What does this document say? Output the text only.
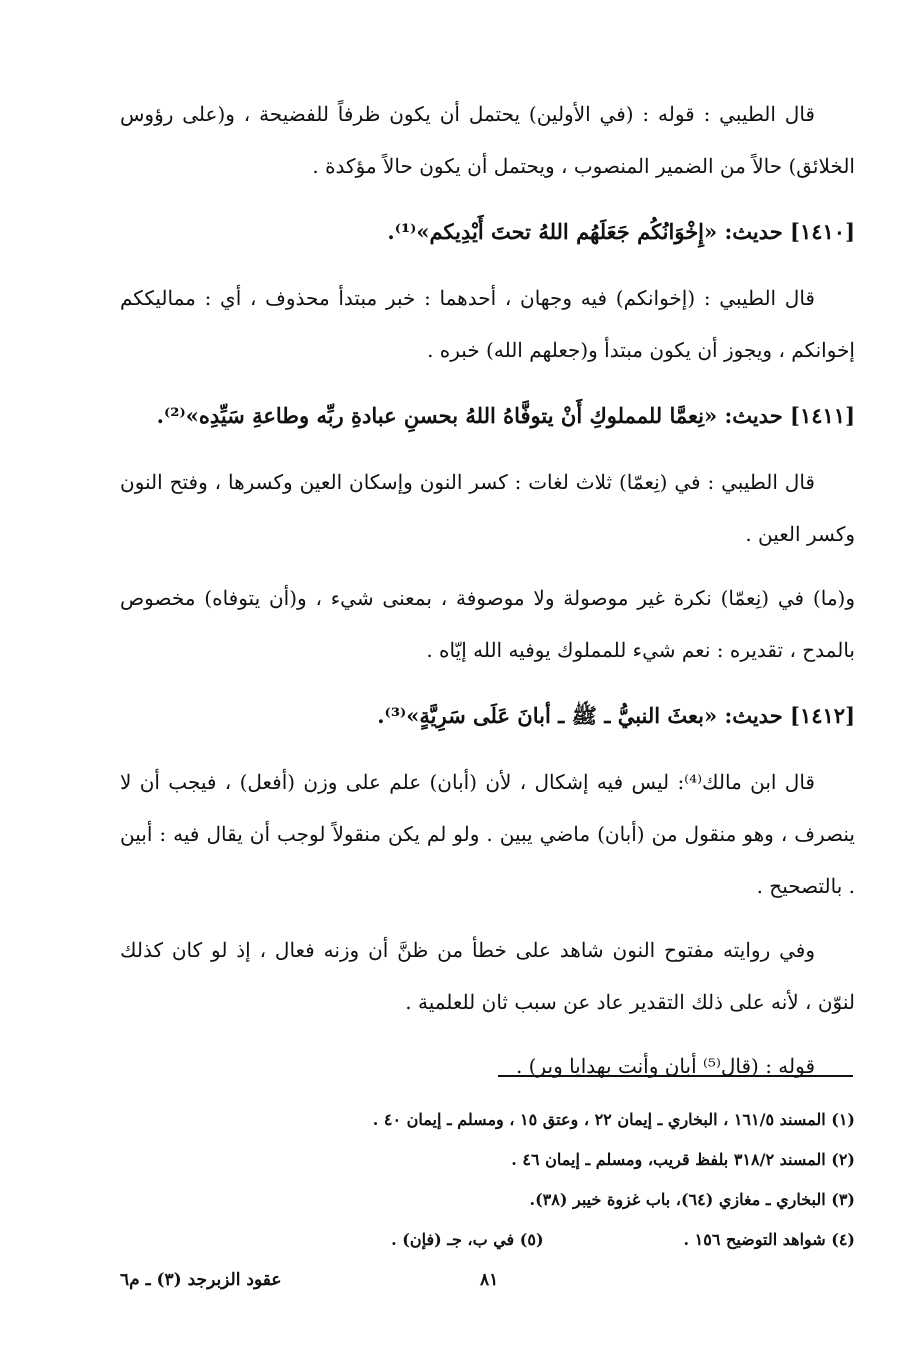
قال الطيبي : قوله : (في الأولين) يحتمل أن يكون ظرفاً للفضيحة ، و(على رؤوس الخلائق) حالاً من الضمير المنصوب ، ويحتمل أن يكون حالاً مؤكدة .

[١٤١٠] حديث: «إِخْوَانُكُم جَعَلَهُم اللهُ تحتَ أَيْدِيكم»⁽¹⁾.

قال الطيبي : (إخوانكم) فيه وجهان ، أحدهما : خبر مبتدأ محذوف ، أي : مماليككم إخوانكم ، ويجوز أن يكون مبتدأ و(جعلهم الله) خبره .

[١٤١١] حديث: «نِعمَّا للمملوكِ أَنْ يتوفَّاهُ اللهُ بحسنِ عبادةِ ربِّه وطاعةِ سَيِّدِه»⁽²⁾.

قال الطيبي : في (نِعمّا) ثلاث لغات : كسر النون وإسكان العين وكسرها ، وفتح النون وكسر العين .

و(ما) في (نِعمّا) نكرة غير موصولة ولا موصوفة ، بمعنى شيء ، و(أن يتوفاه) مخصوص بالمدح ، تقديره : نعم شيء للمملوك يوفيه الله إيّاه .

[١٤١٢] حديث: «بعثَ النبيُّ ـ ﷺ ـ أبانَ عَلَى سَرِيَّةٍ»⁽³⁾.

قال ابن مالك⁽⁴⁾: ليس فيه إشكال ، لأن (أبان) علم على وزن (أفعل) ، فيجب أن لا ينصرف ، وهو منقول من (أبان) ماضي يبين . ولو لم يكن منقولاً لوجب أن يقال فيه : أبين . بالتصحيح .

وفي روايته مفتوح النون شاهد على خطأ من ظنَّ أن وزنه فعال ، إذ لو كان كذلك لنوّن ، لأنه على ذلك التقدير عاد عن سبب ثان للعلمية .

قوله : (قال⁽⁵⁾ أبان وأنت بهدايا وبر) .

(١) المسند ١٦١/٥ ، البخاري ـ إيمان ٢٢ ، وعتق ١٥ ، ومسلم ـ إيمان ٤٠ .

(٢) المسند ٣١٨/٢ بلفظ قريب، ومسلم ـ إيمان ٤٦ .

(٣) البخاري ـ مغازي (٦٤)، باب غزوة خيبر (٣٨).

(٤) شواهد التوضيح ١٥٦ .

(٥) في ب، جـ (فإن) .

٨١
عقود الزبرجد (٣) ـ م٦
